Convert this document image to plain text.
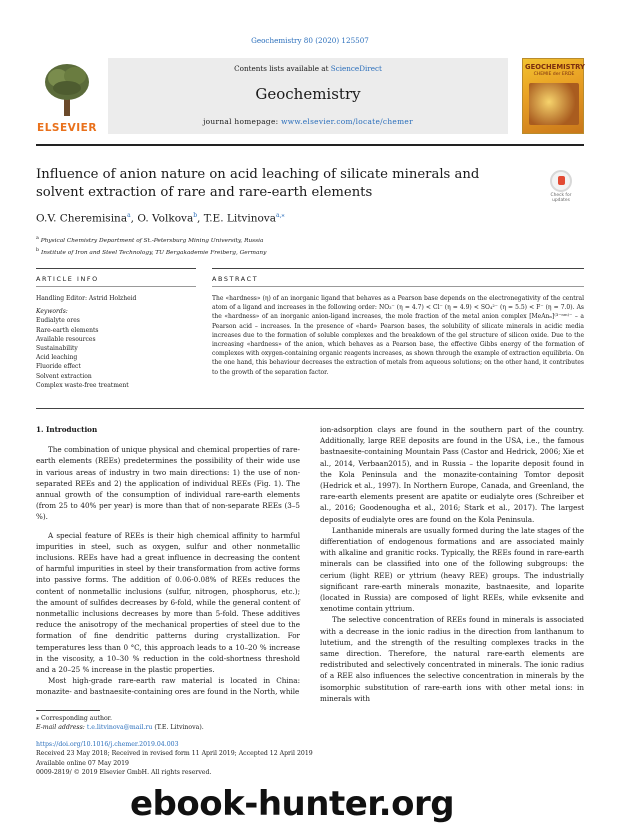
Geochemistry 80 (2020) 125507
ELSEVIER
Contents lists available at ScienceDirect
Geochemistry
journal homepage: www.elsevier.com/locate/chemer
GEOCHEMISTRY
CHEMIE der ERDE
Influence of anion nature on acid leaching of silicate minerals and solvent extraction of rare and rare-earth elements	Check for updates
O.V. Cheremisina$^a$, O. Volkova$^b$, T.E. Litvinova$^{a,⁎}$
$^a$ Physical Chemistry Department of St.-Petersburg Mining University, Russia
$^b$ Institute of Iron and Steel Technology, TU Bergakademie Freiberg, Germany
ARTICLE INFO	ABSTRACT
Handling Editor: Astrid Holzheid
Keywords:
Eudialyte ores
Rare-earth elements
Available resources
Sustainability
Acid leaching
Fluoride effect
Solvent extraction
Complex waste-free treatment
The «hardness» (η) of an inorganic ligand that behaves as a Pearson base depends on the electronegativity of the central atom of a ligand and increases in the following order: NO₃⁻ (η = 4.7) < Cl⁻ (η = 4.9) < SO₄²⁻ (η = 5.5) < F⁻ (η = 7.0). As the «hardness» of an inorganic anion-ligand increases, the mole fraction of the metal anion complex [MeAnₙ]⁽³⁻ⁿᵐ⁾⁻ – a Pearson acid – increases. In the presence of «hard» Pearson bases, the solubility of silicate minerals in acidic media increases due to the formation of soluble complexes and the breakdown of the gel structure of silicon oxide. Due to the increasing «hardness» of the anion, which behaves as a Pearson base, the effective Gibbs energy of the formation of complexes with oxygen-containing organic reagents increases, as shown through the example of extraction equilibria. On the one hand, this behaviour decreases the extraction of metals from aqueous solutions; on the other hand, it contributes to the growth of the separation factor.
1. Introduction

The combination of unique physical and chemical properties of rare-earth elements (REEs) predetermines the possibility of their wide use in various areas of industry in two main directions: 1) the use of non-separated REEs and 2) the application of individual REEs (Fig. 1). The annual growth of the consumption of individual rare-earth elements (from 25 to 40% per year) is more than that of non-separate REEs (3–5 %).

A special feature of REEs is their high chemical affinity to harmful impurities in steel, such as oxygen, sulfur and other nonmetallic inclusions. REEs have had a great influence in decreasing the content of harmful impurities in steel by their transformation from active forms into passive forms. The addition of 0.06-0.08% of REEs reduces the content of nonmetallic inclusions (sulfur, nitrogen, phosphorus, etc.); the amount of sulfides decreases by 6-fold, while the general content of nonmetallic inclusions decreases by more than 5-fold. These additives reduce the anisotropy of the mechanical properties of steel due to the formation of fine dendritic patterns during crystallization. For temperatures less than 0 °C, this approach leads to a 10–20 % increase in the viscosity, a 10–30 % reduction in the cold-shortness threshold and a 20–25 % increase in the plastic properties.

Most high-grade rare-earth raw material is located in China: monazite- and bastnaesite-containing ores are found in the North, while

ion-adsorption clays are found in the southern part of the country. Additionally, large REE deposits are found in the USA, i.e., the famous bastnaesite-containing Mountain Pass (Castor and Hedrick, 2006; Xie et al., 2014, Verbaan2015), and in Russia – the loparite deposit found in the Kola Peninsula and the monazite-containing Tomtor deposit (Hedrick et al., 1997). In Northern Europe, Canada, and Greenland, the rare-earth elements present are apatite or eudialyte ores (Schreiber et al., 2016; Goodenougha et al., 2016; Stark et al., 2017). The largest deposits of eudialyte ores are found on the Kola Peninsula.

Lanthanide minerals are usually formed during the late stages of the differentiation of endogenous formations and are associated mainly with alkaline and granitic rocks. Typically, the REEs found in rare-earth minerals can be classified into one of the following subgroups: the cerium (light REE) or yttrium (heavy REE) groups. The industrially significant rare-earth minerals monazite, bastnaesite, and loparite (located in Russia) are composed of light REEs, while evksenite and xenotime contain yttrium.

The selective concentration of REEs found in minerals is associated with a decrease in the ionic radius in the direction from lanthanum to lutetium, and the strength of the resulting complexes tracks in the same direction. Therefore, the natural rare-earth elements are redistributed and selectively concentrated in minerals. The ionic radius of a REE also influences the selective concentration in minerals by the isomorphic substitution of rare-earth ions with other metal ions: in minerals with

⁎ Corresponding author.
E-mail address: t.e.litvinova@mail.ru (T.E. Litvinova).
https://doi.org/10.1016/j.chemer.2019.04.003
Received 23 May 2018; Received in revised form 11 April 2019; Accepted 12 April 2019
Available online 07 May 2019
0009-2819/ © 2019 Elsevier GmbH. All rights reserved.
ebook-hunter.org
